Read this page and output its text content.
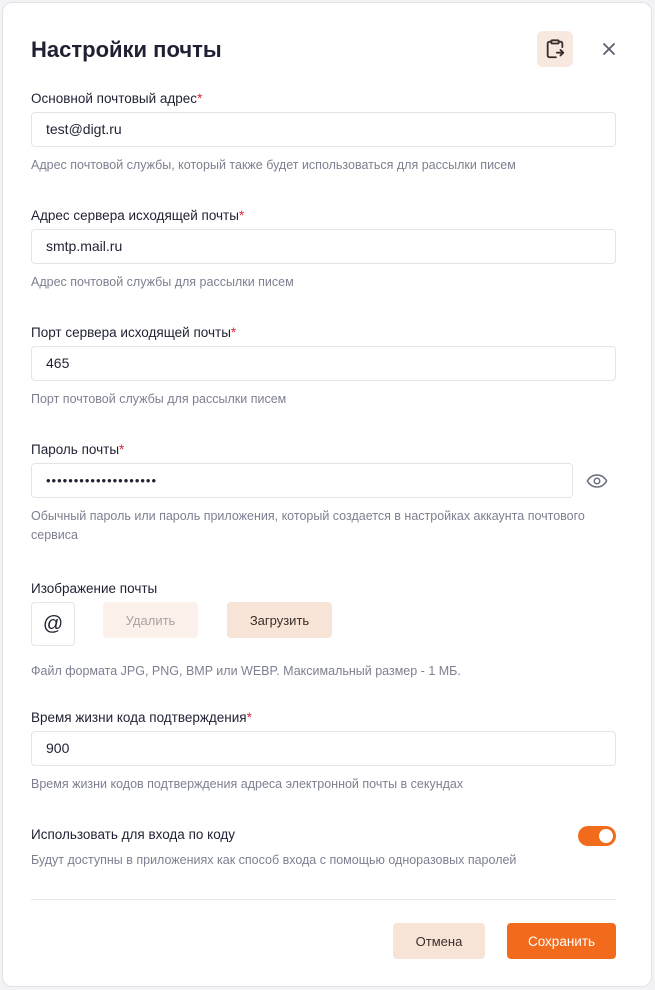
Настройки почты
Основной почтовый адрес*
test@digt.ru
Адрес почтовой службы, который также будет использоваться для рассылки писем
Адрес сервера исходящей почты*
smtp.mail.ru
Адрес почтовой службы для рассылки писем
Порт сервера исходящей почты*
465
Порт почтовой службы для рассылки писем
Пароль почты*
••••••••••••••••••••
Обычный пароль или пароль приложения, который создается в настройках аккаунта почтового сервиса
Изображение почты
@	Удалить	Загрузить
Файл формата JPG, PNG, BMP или WEBP. Максимальный размер - 1 МБ.
Время жизни кода подтверждения*
900
Время жизни кодов подтверждения адреса электронной почты в секундах
Использовать для входа по коду
Будут доступны в приложениях как способ входа с помощью одноразовых паролей
Отмена	Сохранить
